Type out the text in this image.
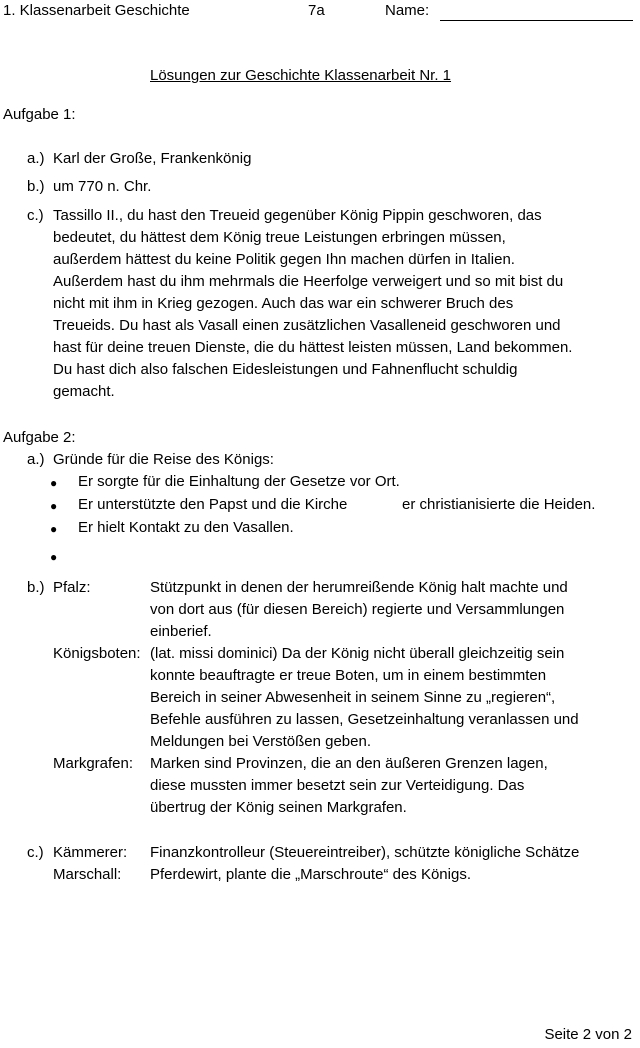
1. Klassenarbeit Geschichte	7a	Name:
Lösungen zur Geschichte Klassenarbeit Nr. 1
Aufgabe 1:
a.) Karl der Große, Frankenkönig
b.) um 770 n. Chr.
c.) Tassillo II., du hast den Treueid gegenüber König Pippin geschworen, das
bedeutet, du hättest dem König treue Leistungen erbringen müssen,
außerdem hättest du keine Politik gegen Ihn machen dürfen in Italien.
Außerdem hast du ihm mehrmals die Heerfolge verweigert und so mit bist du
nicht mit ihm in Krieg gezogen. Auch das war ein schwerer Bruch des
Treueids. Du hast als Vasall einen zusätzlichen Vasalleneid geschworen und
hast für deine treuen Dienste, die du hättest leisten müssen, Land bekommen.
Du hast dich also falschen Eidesleistungen und Fahnenflucht schuldig
gemacht.
Aufgabe 2:
a.) Gründe für die Reise des Königs:
● Er sorgte für die Einhaltung der Gesetze vor Ort.
● Er unterstützte den Papst und die Kirche	er christianisierte die Heiden.
● Er hielt Kontakt zu den Vasallen.
●
b.) Pfalz:	Stützpunkt in denen der herumreißende König halt machte und
von dort aus (für diesen Bereich) regierte und Versammlungen
einberief.
Königsboten: (lat. missi dominici) Da der König nicht überall gleichzeitig sein
konnte beauftragte er treue Boten, um in einem bestimmten
Bereich in seiner Abwesenheit in seinem Sinne zu „regieren“,
Befehle ausführen zu lassen, Gesetzeinhaltung veranlassen und
Meldungen bei Verstößen geben.
Markgrafen: Marken sind Provinzen, die an den äußeren Grenzen lagen,
diese mussten immer besetzt sein zur Verteidigung. Das
übertrug der König seinen Markgrafen.
c.) Kämmerer: Finanzkontrolleur (Steuereintreiber), schützte königliche Schätze
Marschall: Pferdewirt, plante die „Marschroute“ des Königs.
Seite 2 von 2
